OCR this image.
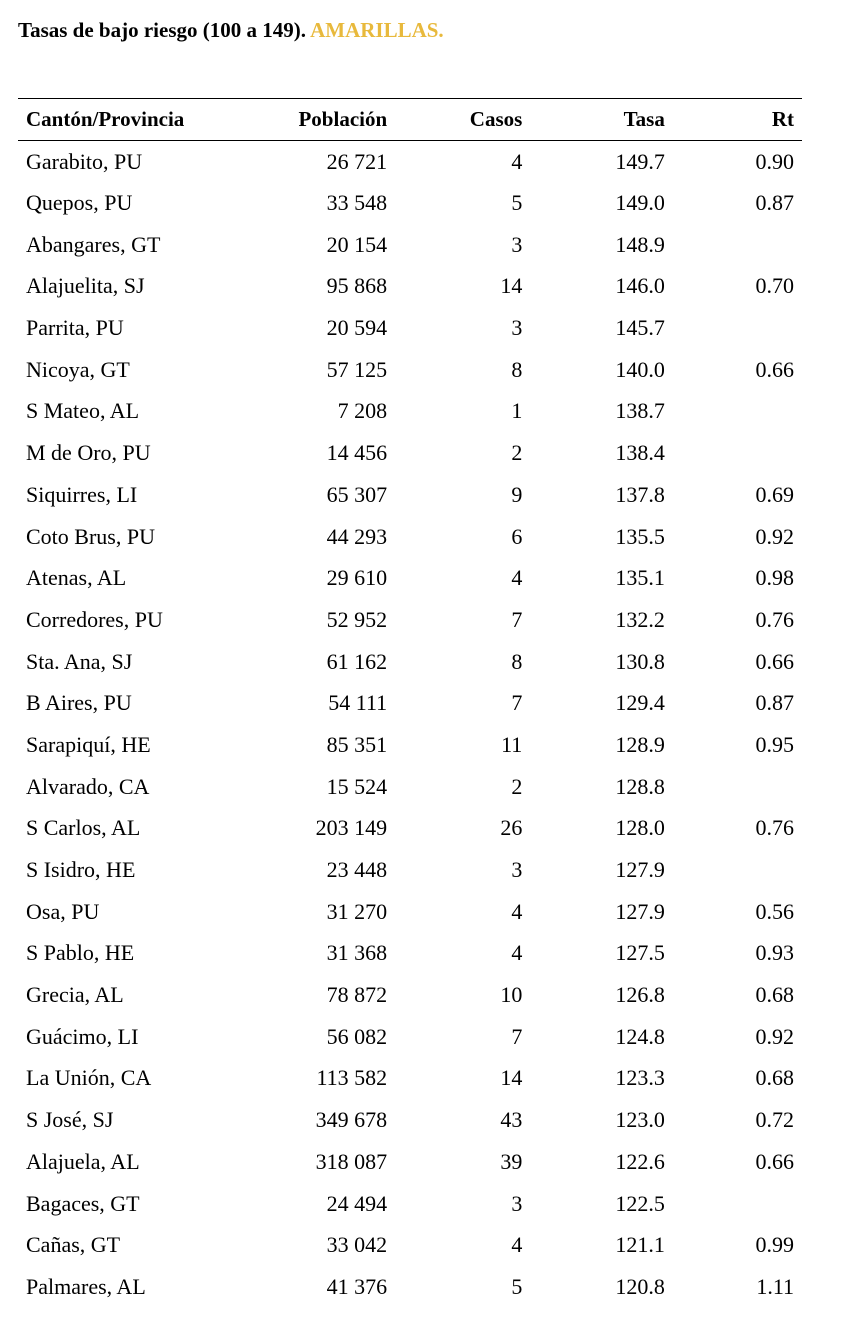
Tasas de bajo riesgo (100 a 149). AMARILLAS.
Cantón/Provincia	Población	Casos	Tasa	Rt
Garabito, PU	26 721	4	149.7	0.90
Quepos, PU	33 548	5	149.0	0.87
Abangares, GT	20 154	3	148.9	
Alajuelita, SJ	95 868	14	146.0	0.70
Parrita, PU	20 594	3	145.7	
Nicoya, GT	57 125	8	140.0	0.66
S Mateo, AL	7 208	1	138.7	
M de Oro, PU	14 456	2	138.4	
Siquirres, LI	65 307	9	137.8	0.69
Coto Brus, PU	44 293	6	135.5	0.92
Atenas, AL	29 610	4	135.1	0.98
Corredores, PU	52 952	7	132.2	0.76
Sta. Ana, SJ	61 162	8	130.8	0.66
B Aires, PU	54 111	7	129.4	0.87
Sarapiquí, HE	85 351	11	128.9	0.95
Alvarado, CA	15 524	2	128.8	
S Carlos, AL	203 149	26	128.0	0.76
S Isidro, HE	23 448	3	127.9	
Osa, PU	31 270	4	127.9	0.56
S Pablo, HE	31 368	4	127.5	0.93
Grecia, AL	78 872	10	126.8	0.68
Guácimo, LI	56 082	7	124.8	0.92
La Unión, CA	113 582	14	123.3	0.68
S José, SJ	349 678	43	123.0	0.72
Alajuela, AL	318 087	39	122.6	0.66
Bagaces, GT	24 494	3	122.5	
Cañas, GT	33 042	4	121.1	0.99
Palmares, AL	41 376	5	120.8	1.11
